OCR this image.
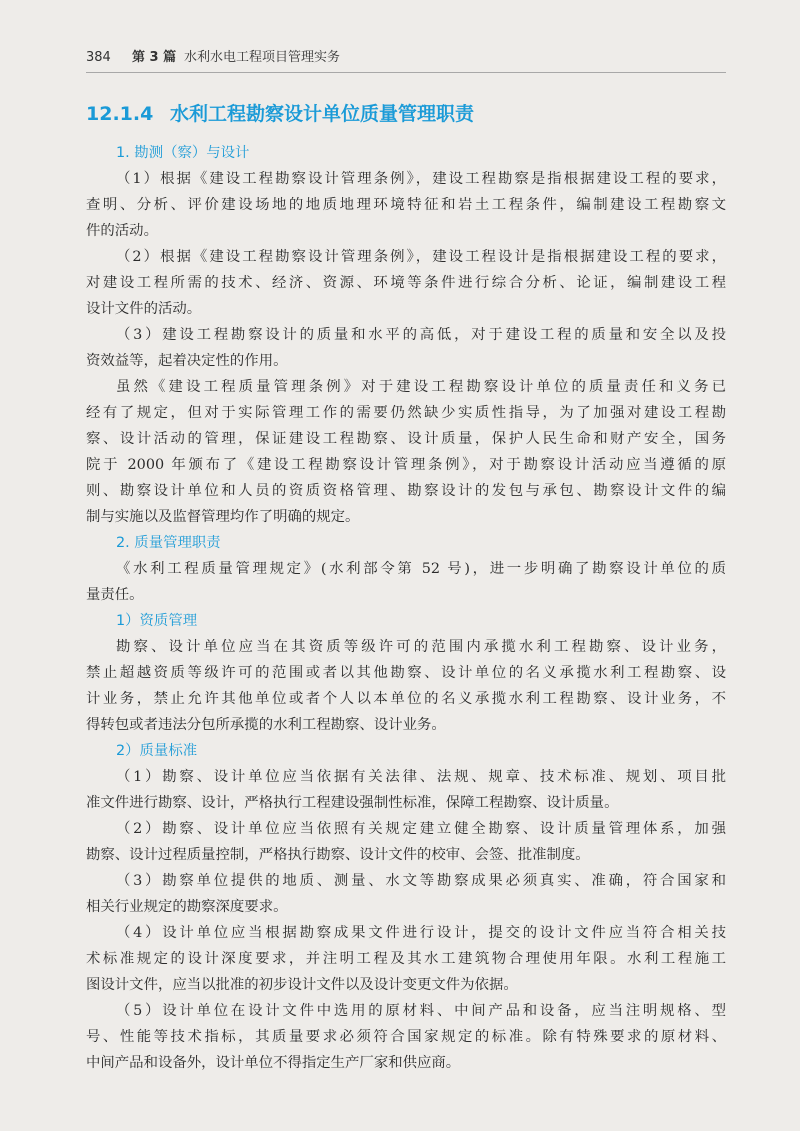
384 第 3 篇 水利水电工程项目管理实务
12.1.4 水利工程勘察设计单位质量管理职责
1. 勘测（察）与设计
（1）根据《建设工程勘察设计管理条例》，建设工程勘察是指根据建设工程的要求，
查明、分析、评价建设场地的地质地理环境特征和岩土工程条件，编制建设工程勘察文
件的活动。
（2）根据《建设工程勘察设计管理条例》，建设工程设计是指根据建设工程的要求，
对建设工程所需的技术、经济、资源、环境等条件进行综合分析、论证，编制建设工程
设计文件的活动。
（3）建设工程勘察设计的质量和水平的高低，对于建设工程的质量和安全以及投
资效益等，起着决定性的作用。
虽然《建设工程质量管理条例》对于建设工程勘察设计单位的质量责任和义务已
经有了规定，但对于实际管理工作的需要仍然缺少实质性指导，为了加强对建设工程勘
察、设计活动的管理，保证建设工程勘察、设计质量，保护人民生命和财产安全，国务
院于 2000 年颁布了《建设工程勘察设计管理条例》，对于勘察设计活动应当遵循的原
则、勘察设计单位和人员的资质资格管理、勘察设计的发包与承包、勘察设计文件的编
制与实施以及监督管理均作了明确的规定。
2. 质量管理职责
《水利工程质量管理规定》(水利部令第 52 号)，进一步明确了勘察设计单位的质
量责任。
1）资质管理
勘察、设计单位应当在其资质等级许可的范围内承揽水利工程勘察、设计业务，
禁止超越资质等级许可的范围或者以其他勘察、设计单位的名义承揽水利工程勘察、设
计业务，禁止允许其他单位或者个人以本单位的名义承揽水利工程勘察、设计业务，不
得转包或者违法分包所承揽的水利工程勘察、设计业务。
2）质量标准
（1）勘察、设计单位应当依据有关法律、法规、规章、技术标准、规划、项目批
准文件进行勘察、设计，严格执行工程建设强制性标准，保障工程勘察、设计质量。
（2）勘察、设计单位应当依照有关规定建立健全勘察、设计质量管理体系，加强
勘察、设计过程质量控制，严格执行勘察、设计文件的校审、会签、批准制度。
（3）勘察单位提供的地质、测量、水文等勘察成果必须真实、准确，符合国家和
相关行业规定的勘察深度要求。
（4）设计单位应当根据勘察成果文件进行设计，提交的设计文件应当符合相关技
术标准规定的设计深度要求，并注明工程及其水工建筑物合理使用年限。水利工程施工
图设计文件，应当以批准的初步设计文件以及设计变更文件为依据。
（5）设计单位在设计文件中选用的原材料、中间产品和设备，应当注明规格、型
号、性能等技术指标，其质量要求必须符合国家规定的标准。除有特殊要求的原材料、
中间产品和设备外，设计单位不得指定生产厂家和供应商。
